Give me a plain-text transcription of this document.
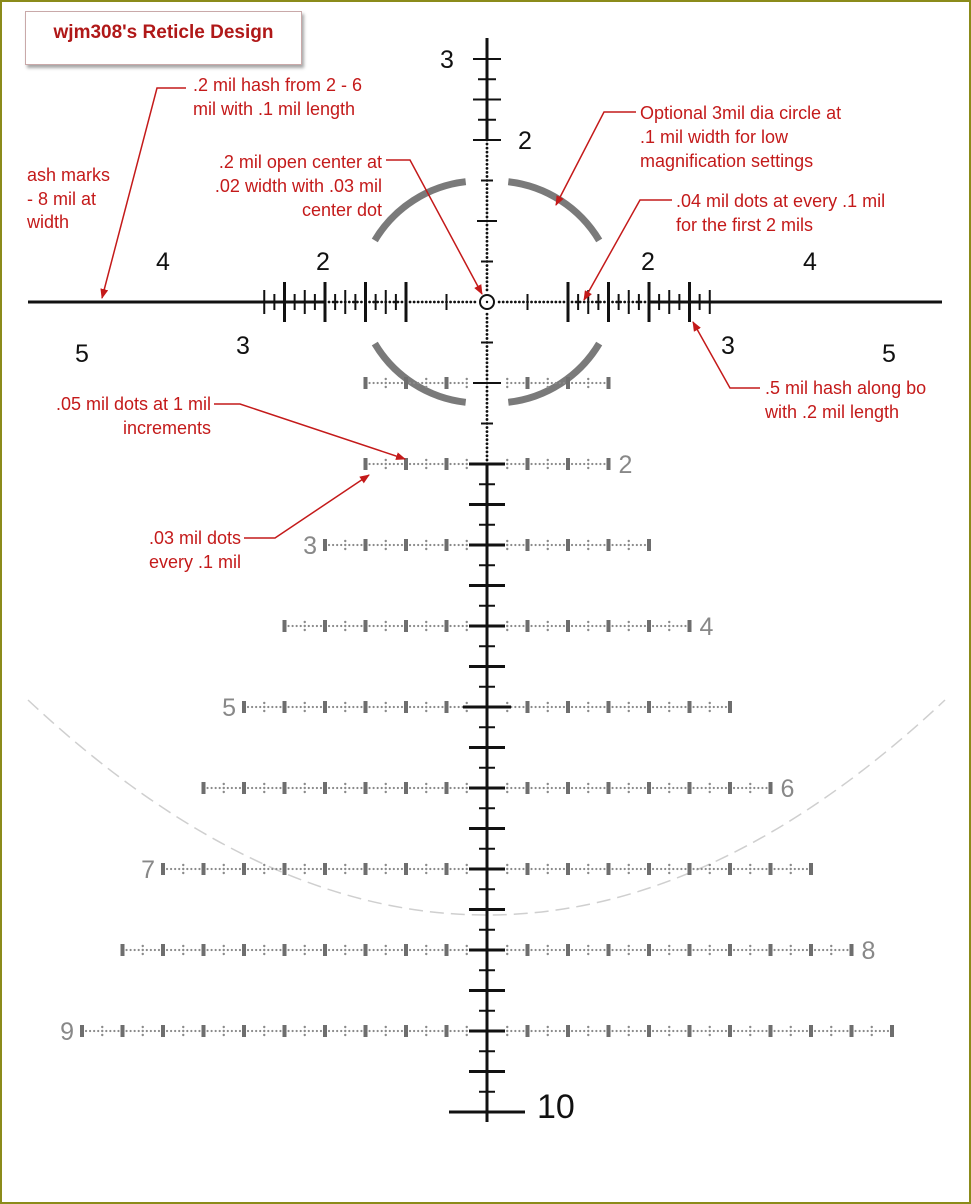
wjm308's Reticle Design
2
3
4
5
6
7
8
9
3
2
10
4	2	2	4
5	3	3	5
.2 mil hash from 2 - 6
mil with .1 mil length
ash marks
- 8 mil at
width
.2 mil open center at
.02 width with .03 mil
center dot
Optional 3mil dia circle at
.1 mil width for low
magnification settings
.04 mil dots at every .1 mil
for the first 2 mils
.5 mil hash along bo
with .2 mil length
.05 mil dots at 1 mil
increments
.03 mil dots
every .1 mil
